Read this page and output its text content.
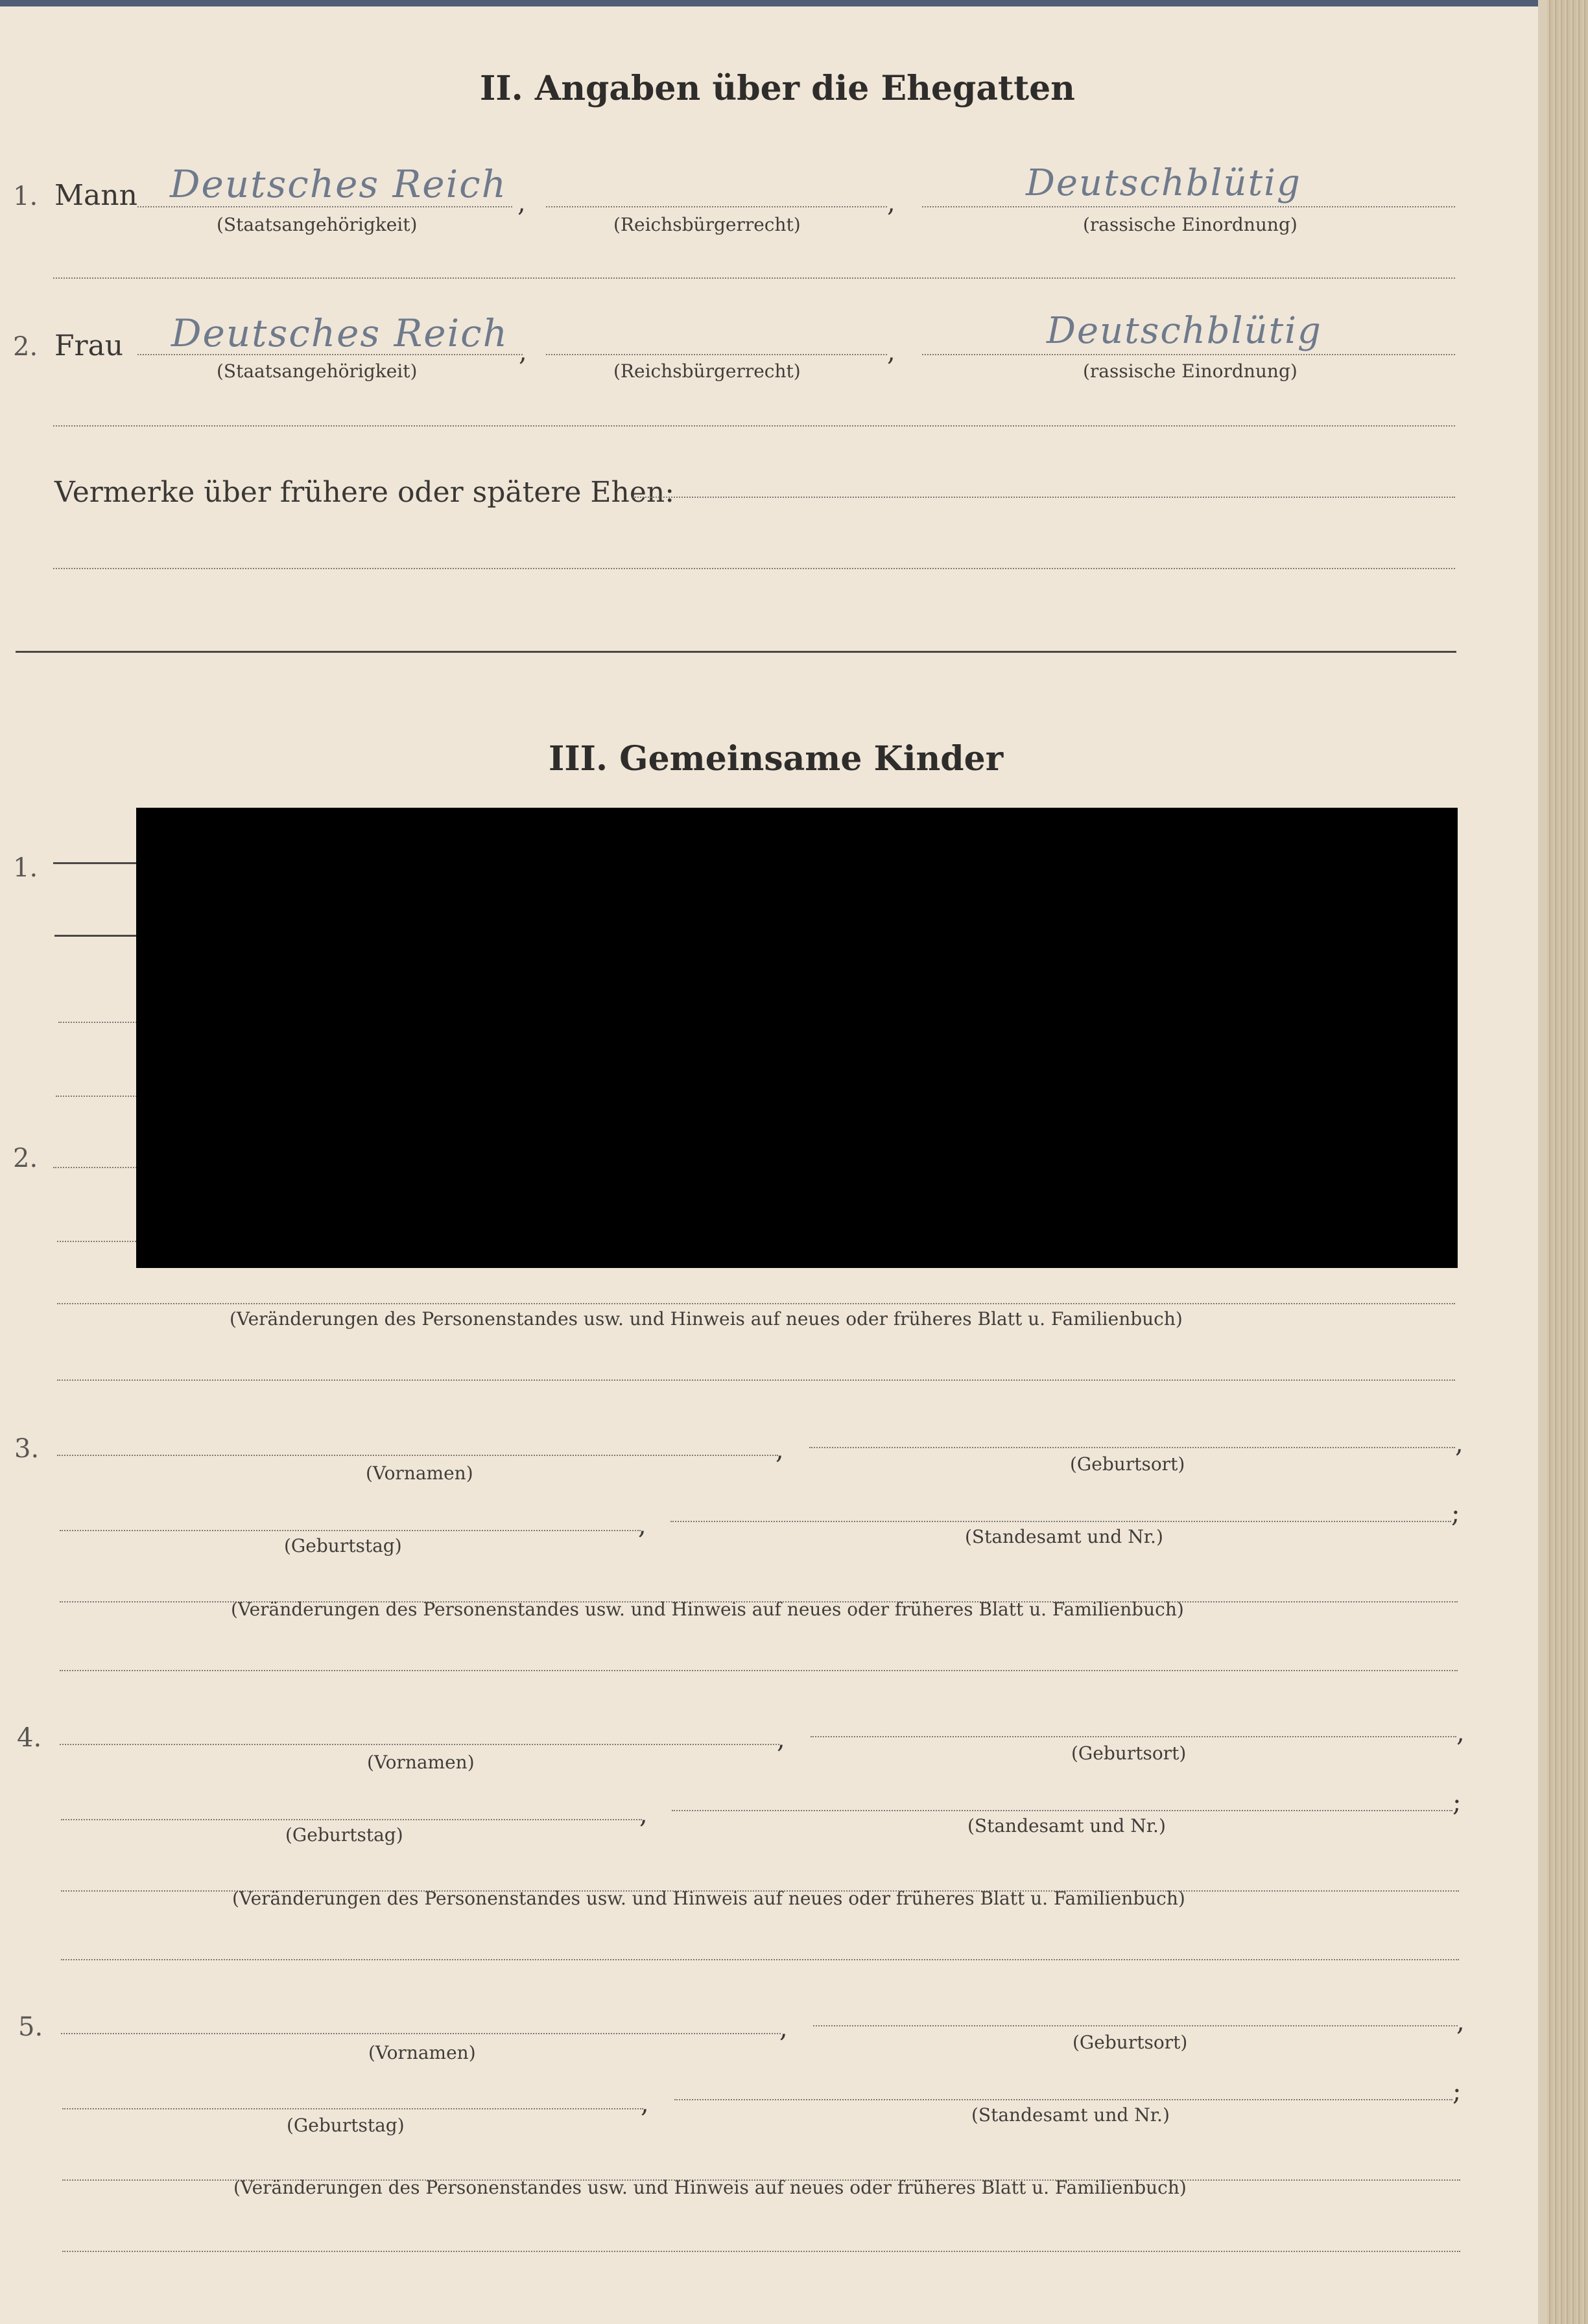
II. Angaben über die Ehegatten
1. Mann Deutsches Reich ,	,	Deutschblütig
(Staatsangehörigkeit)	(Reichsbürgerrecht)	(rassische Einordnung)
2. Frau Deutsches Reich ,	,	Deutschblütig
(Staatsangehörigkeit)	(Reichsbürgerrecht)	(rassische Einordnung)
Vermerke über frühere oder spätere Ehen:
III. Gemeinsame Kinder
1.
2.
(Veränderungen des Personenstandes usw. und Hinweis auf neues oder früheres Blatt u. Familienbuch)
3.	,	,
(Vornamen)	(Geburtsort)
,	;
(Geburtstag)	(Standesamt und Nr.)
(Veränderungen des Personenstandes usw. und Hinweis auf neues oder früheres Blatt u. Familienbuch)
4.	,	,
(Vornamen)	(Geburtsort)
,	;
(Geburtstag)	(Standesamt und Nr.)
(Veränderungen des Personenstandes usw. und Hinweis auf neues oder früheres Blatt u. Familienbuch)
5.	,	,
(Vornamen)	(Geburtsort)
,	;
(Geburtstag)	(Standesamt und Nr.)
(Veränderungen des Personenstandes usw. und Hinweis auf neues oder früheres Blatt u. Familienbuch)
